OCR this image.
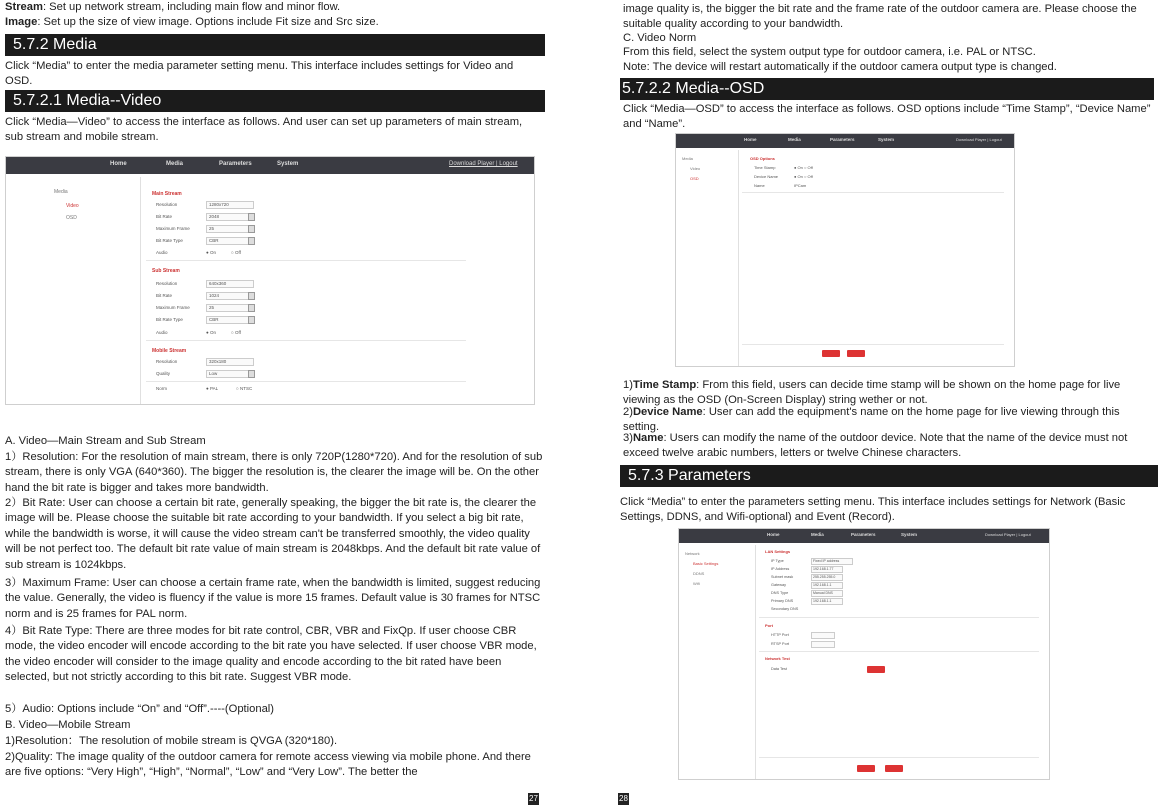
Stream: Set up network stream, including main flow and minor flow.

Image: Set up the size of view image. Options include Fit size and Src size.

5.7.2 Media

Click “Media” to enter the media parameter setting menu. This interface includes settings for Video and OSD.

5.7.2.1 Media--Video

Click “Media—Video” to access the interface as follows. And user can set up parameters of main stream, sub stream and mobile stream.

Home	Media	Parameters	System	Download Player | Logout
Media
Video
OSD
Main Stream
Resolution	1280x720
Bit Rate	2048
Maximum Frame	25
Bit Rate Type	CBR
Audio	● On	○ Off
Sub Stream
Resolution	640x360
Bit Rate	1024
Maximum Frame	25
Bit Rate Type	CBR
Audio	● On	○ Off
Mobile Stream
Resolution	320x180
Quality	Low
Norm	● PAL	○ NTSC

A. Video—Main Stream and Sub Stream

1）Resolution: For the resolution of main stream, there is only 720P(1280*720). And for the resolution of sub stream, there is only VGA (640*360). The bigger the resolution is, the clearer the image will be. On the other hand the bit rate is bigger and takes more bandwidth.

2）Bit Rate: User can choose a certain bit rate, generally speaking, the bigger the bit rate is, the clearer the image will be. Please choose the suitable bit rate according to your bandwidth. If you select a big bit rate, while the bandwidth is worse, it will cause the video stream can't be transferred smoothly, the video quality will be not perfect too. The default bit rate value of main stream is 2048kbps. And the default bit rate value of sub stream is 1024kbps.

3）Maximum Frame: User can choose a certain frame rate, when the bandwidth is limited, suggest reducing the value. Generally, the video is fluency if the value is more 15 frames. Default value is 30 frames for NTSC norm and is 25 frames for PAL norm.

4）Bit Rate Type: There are three modes for bit rate control, CBR, VBR and FixQp. If user choose CBR mode, the video encoder will encode according to the bit rate you have selected. If user choose VBR mode, the video encoder will consider to the image quality and encode according to the bit rated have been selected, but not strictly according to this bit rate. Suggest VBR mode.

5）Audio: Options include “On” and “Off”.----(Optional)

B. Video—Mobile Stream

1)Resolution：The resolution of mobile stream is QVGA (320*180).

2)Quality: The image quality of the outdoor camera for remote access viewing via mobile phone. And there are five options: “Very High”, “High”, “Normal”, “Low” and “Very Low”. The better the

27

image quality is, the bigger the bit rate and the frame rate of the outdoor camera are. Please choose the suitable quality according to your bandwidth.

C. Video Norm

From this field, select the system output type for outdoor camera, i.e. PAL or NTSC.

Note: The device will restart automatically if the outdoor camera output type is changed.

5.7.2.2 Media--OSD

Click “Media—OSD” to access the interface as follows. OSD options include “Time Stamp”, “Device Name” and “Name”.

Home	Media	Parameters	System	Download Player | Logout
Media
Video
OSD
OSD Options
Time Stamp	● On ○ Off
Device Name	● On ○ Off
Name	IPCam

1)Time Stamp: From this field, users can decide time stamp will be shown on the home page for live viewing as the OSD (On-Screen Display) string wether or not.

2)Device Name: User can add the equipment's name on the home page for live viewing through this setting.

3)Name: Users can modify the name of the outdoor device. Note that the name of the device must not exceed twelve arabic numbers, letters or twelve Chinese characters.

5.7.3 Parameters

Click “Media” to enter the parameters setting menu. This interface includes settings for Network (Basic Settings, DDNS, and Wifi-optional) and Event (Record).

Home	Media	Parameters	System	Download Player | Logout
Network
Basic Settings
DDNS
Wifi
LAN Settings
IP Type	Fixed IP address
IP Address	192.168.1.77
Subnet mask	255.255.255.0
Gateway	192.168.1.1
DNS Type	Manual DNS
Primary DNS	192.168.1.1
Secondary DNS
Port
HTTP Port
RTSP Port
Network Test
Data Test
28
